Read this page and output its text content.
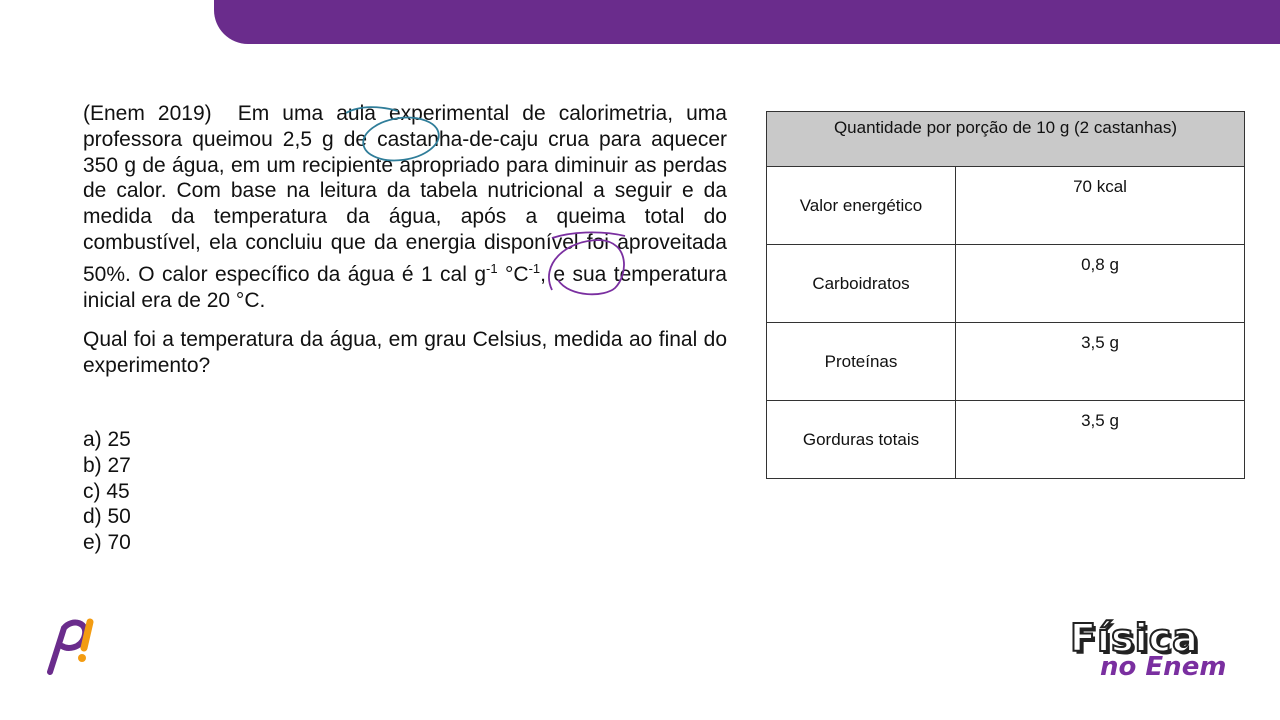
(Enem 2019) Em uma aula experimental de calorimetria, uma professora queimou 2,5 g de castanha-de-caju crua para aquecer 350 g de água, em um recipiente apropriado para diminuir as perdas de calor. Com base na leitura da tabela nutricional a seguir e da medida da temperatura da água, após a queima total do combustível, ela concluiu que da energia disponível foi aproveitada 50%. O calor específico da água é 1 cal $g^{-1}$ $^\circ C^{-1}$, e sua temperatura inicial era de 20 °C.

Qual foi a temperatura da água, em grau Celsius, medida ao final do experimento?

a) 25
b) 27
c) 45
d) 50
e) 70
Quantidade por porção de 10 g (2 castanhas)	
Valor energético	70 kcal
Carboidratos	0,8 g
Proteínas	3,5 g
Gorduras totais	3,5 g
Física
no Enem
